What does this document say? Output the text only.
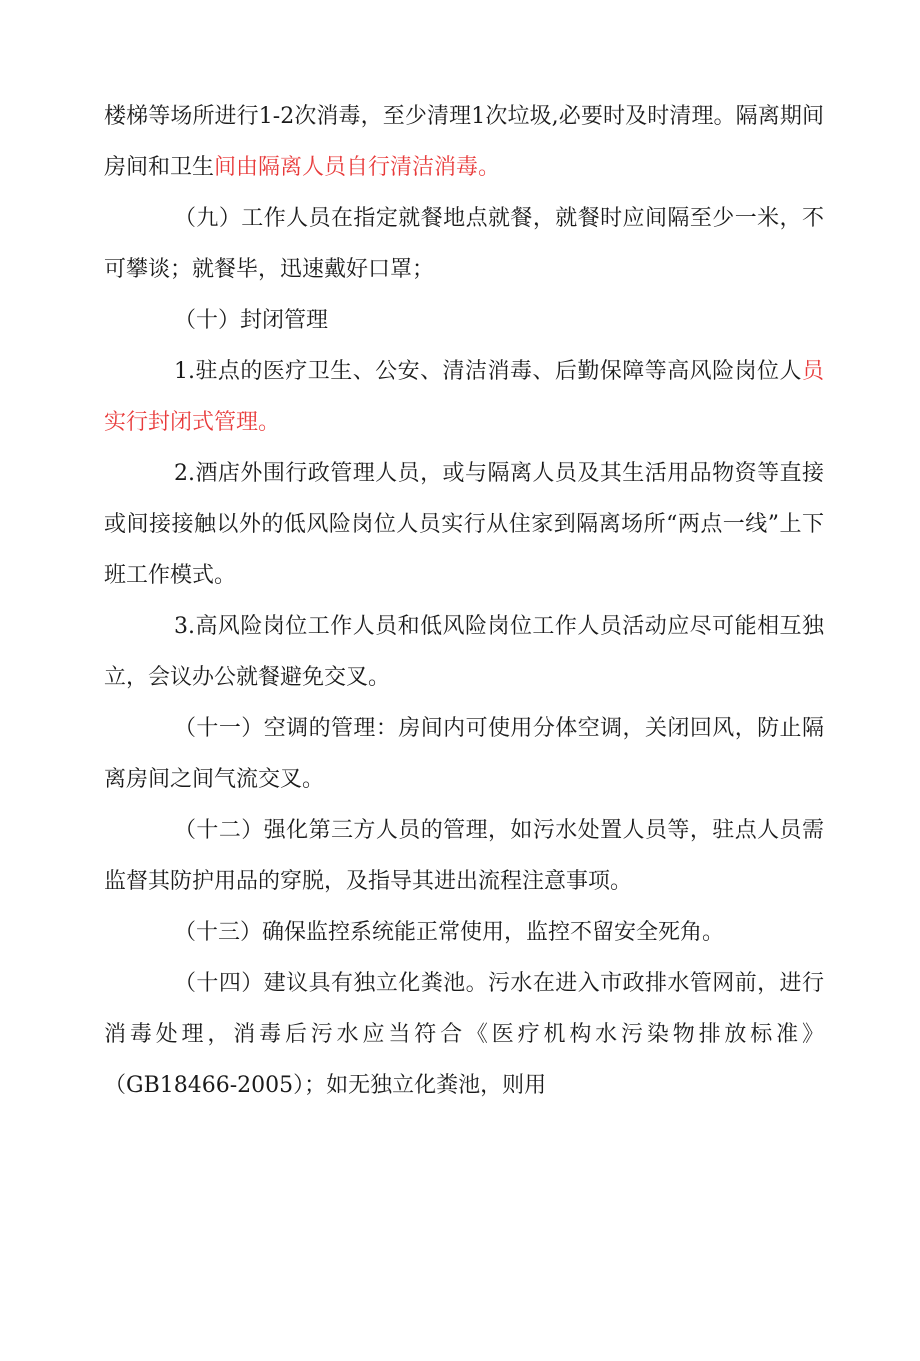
楼梯等场所进行1-2次消毒，至少清理1次垃圾,必要时及时清理。隔离期间房间和卫生间由隔离人员自行清洁消毒。

（九）工作人员在指定就餐地点就餐，就餐时应间隔至少一米，不可攀谈；就餐毕，迅速戴好口罩；

（十）封闭管理

1.驻点的医疗卫生、公安、清洁消毒、后勤保障等高风险岗位人员实行封闭式管理。

2.酒店外围行政管理人员，或与隔离人员及其生活用品物资等直接或间接接触以外的低风险岗位人员实行从住家到隔离场所“两点一线”上下班工作模式。

3.高风险岗位工作人员和低风险岗位工作人员活动应尽可能相互独立，会议办公就餐避免交叉。

（十一）空调的管理：房间内可使用分体空调，关闭回风，防止隔离房间之间气流交叉。

（十二）强化第三方人员的管理，如污水处置人员等，驻点人员需监督其防护用品的穿脱，及指导其进出流程注意事项。

（十三）确保监控系统能正常使用，监控不留安全死角。

（十四）建议具有独立化粪池。污水在进入市政排水管网前，进行消毒处理，消毒后污水应当符合《医疗机构水污染物排放标准》（GB18466-2005）；如无独立化粪池，则用
